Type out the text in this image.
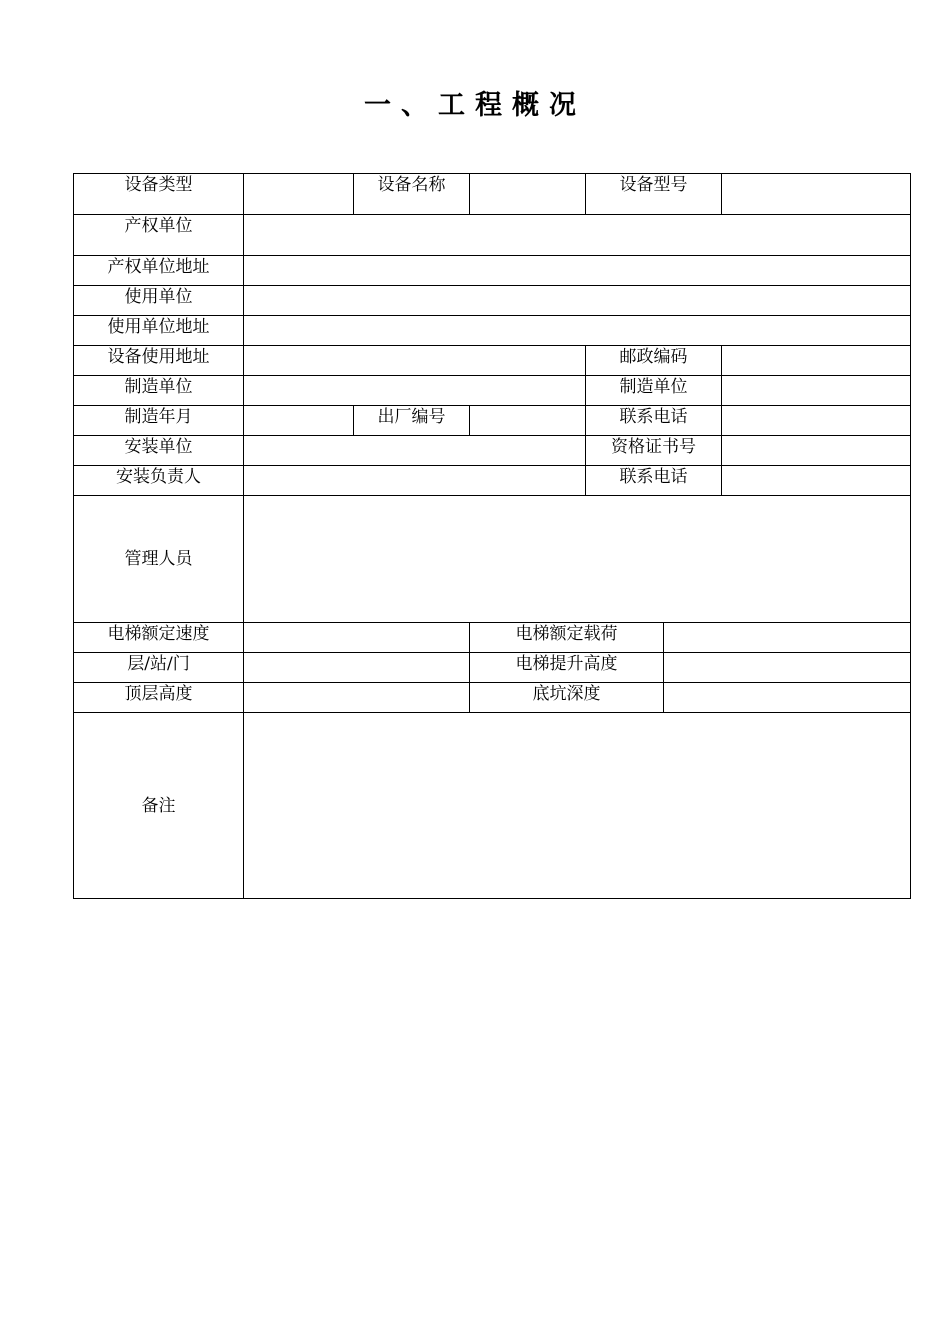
一、工程概况
设备类型		设备名称		设备型号		
产权单位						
产权单位地址						
使用单位						
使用单位地址						
设备使用地址				邮政编码		
制造单位				制造单位		
制造年月		出厂编号		联系电话		
安装单位				资格证书号		
安装负责人				联系电话		
管理人员						
电梯额定速度			电梯额定载荷			
层/站/门			电梯提升高度			
顶层高度			底坑深度			
备注						
